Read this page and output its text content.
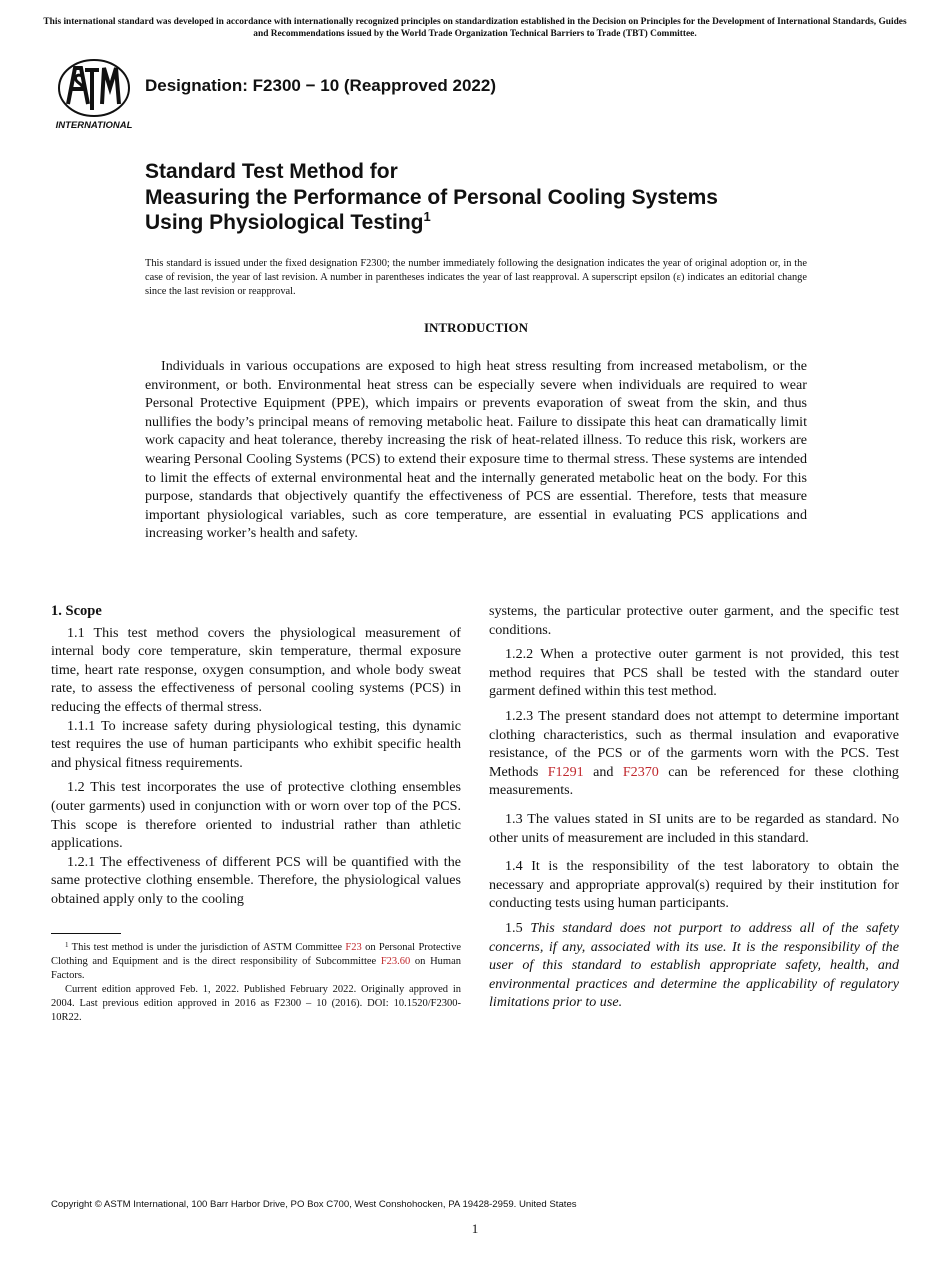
This international standard was developed in accordance with internationally recognized principles on standardization established in the Decision on Principles for the Development of International Standards, Guides and Recommendations issued by the World Trade Organization Technical Barriers to Trade (TBT) Committee.
INTERNATIONAL
Designation: F2300 − 10 (Reapproved 2022)
Standard Test Method for
Measuring the Performance of Personal Cooling Systems
Using Physiological Testing$^1$
This standard is issued under the fixed designation F2300; the number immediately following the designation indicates the year of original adoption or, in the case of revision, the year of last revision. A number in parentheses indicates the year of last reapproval. A superscript epsilon (ε) indicates an editorial change since the last revision or reapproval.
INTRODUCTION

Individuals in various occupations are exposed to high heat stress resulting from increased metabolism, or the environment, or both. Environmental heat stress can be especially severe when individuals are required to wear Personal Protective Equipment (PPE), which impairs or prevents evaporation of sweat from the skin, and thus nullifies the body’s principal means of removing metabolic heat. Failure to dissipate this heat can dramatically limit work capacity and heat tolerance, thereby increasing the risk of heat-related illness. To reduce this risk, workers are wearing Personal Cooling Systems (PCS) to extend their exposure time to thermal stress. These systems are intended to limit the effects of external environmental heat and the internally generated metabolic heat on the body. For this purpose, standards that objectively quantify the effectiveness of PCS are essential. Therefore, tests that measure important physiological variables, such as core temperature, are essential in evaluating PCS applications and increasing worker’s health and safety.

1. Scope

1.1 This test method covers the physiological measurement of internal body core temperature, skin temperature, thermal exposure time, heart rate response, oxygen consumption, and whole body sweat rate, to assess the effectiveness of personal cooling systems (PCS) in reducing the effects of thermal stress.

1.1.1 To increase safety during physiological testing, this dynamic test requires the use of human participants who exhibit specific health and physical fitness requirements.

1.2 This test incorporates the use of protective clothing ensembles (outer garments) used in conjunction with or worn over top of the PCS. This scope is therefore oriented to industrial rather than athletic applications.

1.2.1 The effectiveness of different PCS will be quantified with the same protective clothing ensemble. Therefore, the physiological values obtained apply only to the cooling

$^1$ This test method is under the jurisdiction of ASTM Committee F23 on Personal Protective Clothing and Equipment and is the direct responsibility of Subcommittee F23.60 on Human Factors.

Current edition approved Feb. 1, 2022. Published February 2022. Originally approved in 2004. Last previous edition approved in 2016 as F2300 – 10 (2016). DOI: 10.1520/F2300-10R22.

systems, the particular protective outer garment, and the specific test conditions.

1.2.2 When a protective outer garment is not provided, this test method requires that PCS shall be tested with the standard outer garment defined within this test method.

1.2.3 The present standard does not attempt to determine important clothing characteristics, such as thermal insulation and evaporative resistance, of the PCS or of the garments worn with the PCS. Test Methods F1291 and F2370 can be referenced for these clothing measurements.

1.3 The values stated in SI units are to be regarded as standard. No other units of measurement are included in this standard.

1.4 It is the responsibility of the test laboratory to obtain the necessary and appropriate approval(s) required by their institution for conducting tests using human participants.

1.5 This standard does not purport to address all of the safety concerns, if any, associated with its use. It is the responsibility of the user of this standard to establish appropriate safety, health, and environmental practices and determine the applicability of regulatory limitations prior to use.

Copyright © ASTM International, 100 Barr Harbor Drive, PO Box C700, West Conshohocken, PA 19428-2959. United States
1
